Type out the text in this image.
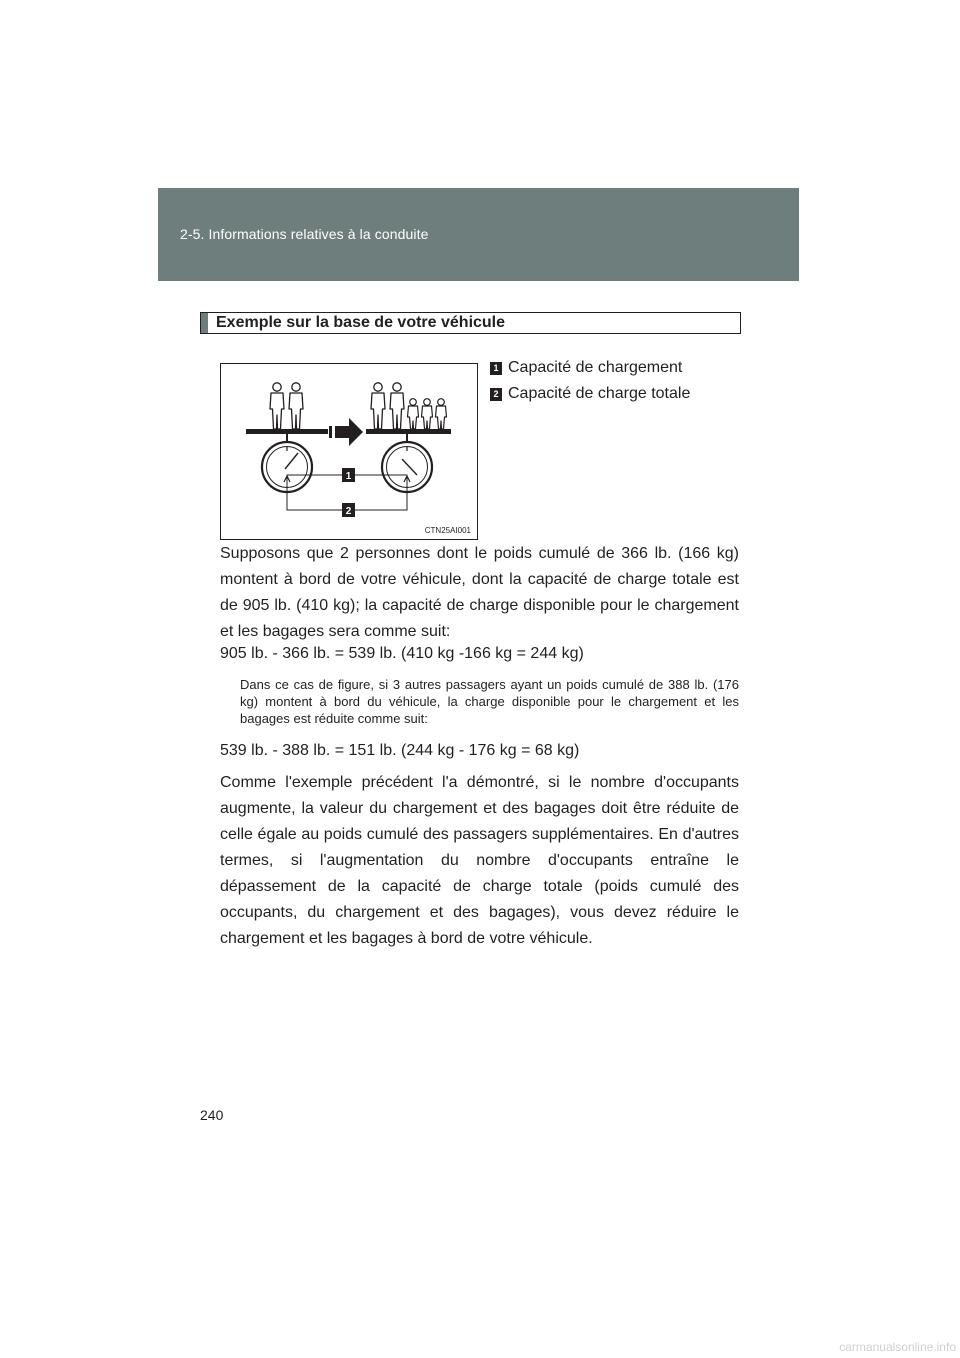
2-5. Informations relatives à la conduite
Exemple sur la base de votre véhicule
1
2
CTN25AI001
1 Capacité de chargement
2 Capacité de charge totale

Supposons que 2 personnes dont le poids cumulé de 366 lb. (166 kg) montent à bord de votre véhicule, dont la capacité de charge totale est de 905 lb. (410 kg); la capacité de charge disponible pour le chargement et les bagages sera comme suit:

905 lb. - 366 lb. = 539 lb. (410 kg -166 kg = 244 kg)

Dans ce cas de figure, si 3 autres passagers ayant un poids cumulé de 388 lb. (176 kg) montent à bord du véhicule, la charge disponible pour le chargement et les bagages est réduite comme suit:

539 lb. - 388 lb. = 151 lb. (244 kg - 176 kg = 68 kg)

Comme l'exemple précédent l'a démontré, si le nombre d'occupants augmente, la valeur du chargement et des bagages doit être réduite de celle égale au poids cumulé des passagers supplémentaires. En d'autres termes, si l'augmentation du nombre d'occupants entraîne le dépassement de la capacité de charge totale (poids cumulé des occupants, du chargement et des bagages), vous devez réduire le chargement et les bagages à bord de votre véhicule.

240
carmanualsonline.info
